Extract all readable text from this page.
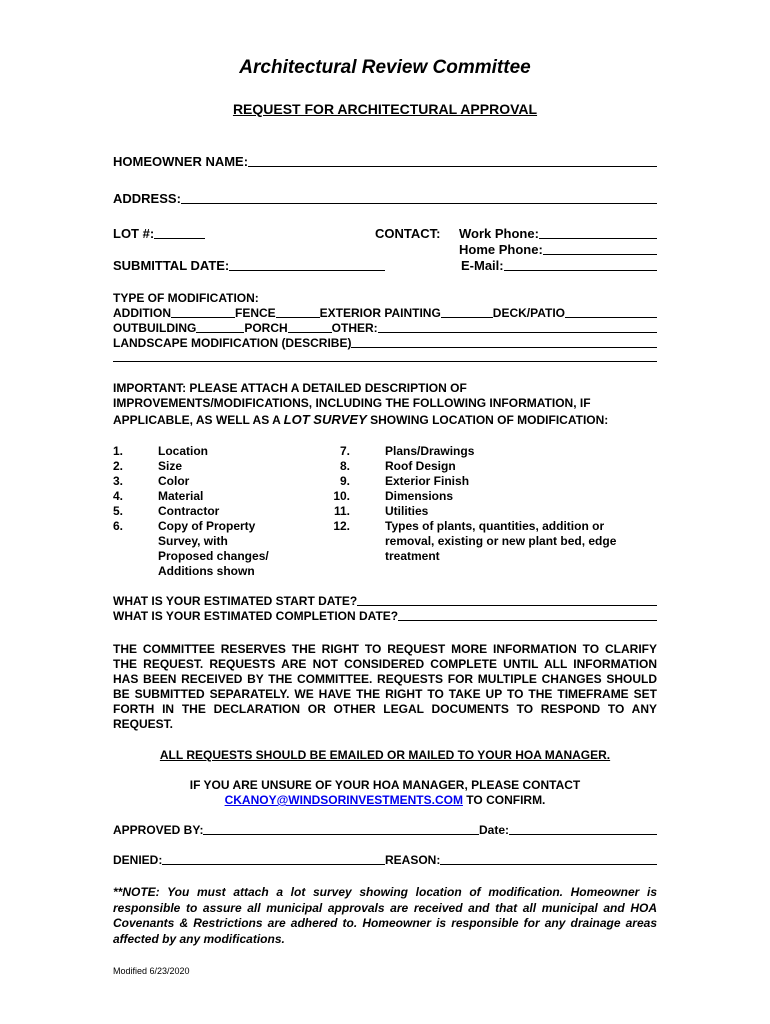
Architectural Review Committee
REQUEST FOR ARCHITECTURAL APPROVAL
HOMEOWNER NAME:
ADDRESS:
LOT #:
SUBMITTAL DATE:
CONTACT: Work Phone:
Home Phone:
E-Mail:
TYPE OF MODIFICATION:
ADDITION	FENCE	EXTERIOR PAINTING	DECK/PATIO
OUTBUILDING	PORCH	OTHER:
LANDSCAPE MODIFICATION (DESCRIBE)
IMPORTANT: PLEASE ATTACH A DETAILED DESCRIPTION OF
IMPROVEMENTS/MODIFICATIONS, INCLUDING THE FOLLOWING INFORMATION, IF
APPLICABLE, AS WELL AS A LOT SURVEY SHOWING LOCATION OF MODIFICATION:
1.	Location
2.	Size
3.	Color
4.	Material
5.	Contractor
6.	Copy of Property Survey, with Proposed changes/ Additions shown
7.	Plans/Drawings
8.	Roof Design
9.	Exterior Finish
10.	Dimensions
11.	Utilities
12.	Types of plants, quantities, addition or removal, existing or new plant bed, edge treatment
WHAT IS YOUR ESTIMATED START DATE?
WHAT IS YOUR ESTIMATED COMPLETION DATE?
THE COMMITTEE RESERVES THE RIGHT TO REQUEST MORE INFORMATION TO CLARIFY THE REQUEST. REQUESTS ARE NOT CONSIDERED COMPLETE UNTIL ALL INFORMATION HAS BEEN RECEIVED BY THE COMMITTEE. REQUESTS FOR MULTIPLE CHANGES SHOULD BE SUBMITTED SEPARATELY. WE HAVE THE RIGHT TO TAKE UP TO THE TIMEFRAME SET FORTH IN THE DECLARATION OR OTHER LEGAL DOCUMENTS TO RESPOND TO ANY REQUEST.
ALL REQUESTS SHOULD BE EMAILED OR MAILED TO YOUR HOA MANAGER.
IF YOU ARE UNSURE OF YOUR HOA MANAGER, PLEASE CONTACT
CKANOY@WINDSORINVESTMENTS.COM TO CONFIRM.
APPROVED BY:	Date:
DENIED:	REASON:
**NOTE: You must attach a lot survey showing location of modification. Homeowner is responsible to assure all municipal approvals are received and that all municipal and HOA Covenants & Restrictions are adhered to. Homeowner is responsible for any drainage areas affected by any modifications.
Modified 6/23/2020
